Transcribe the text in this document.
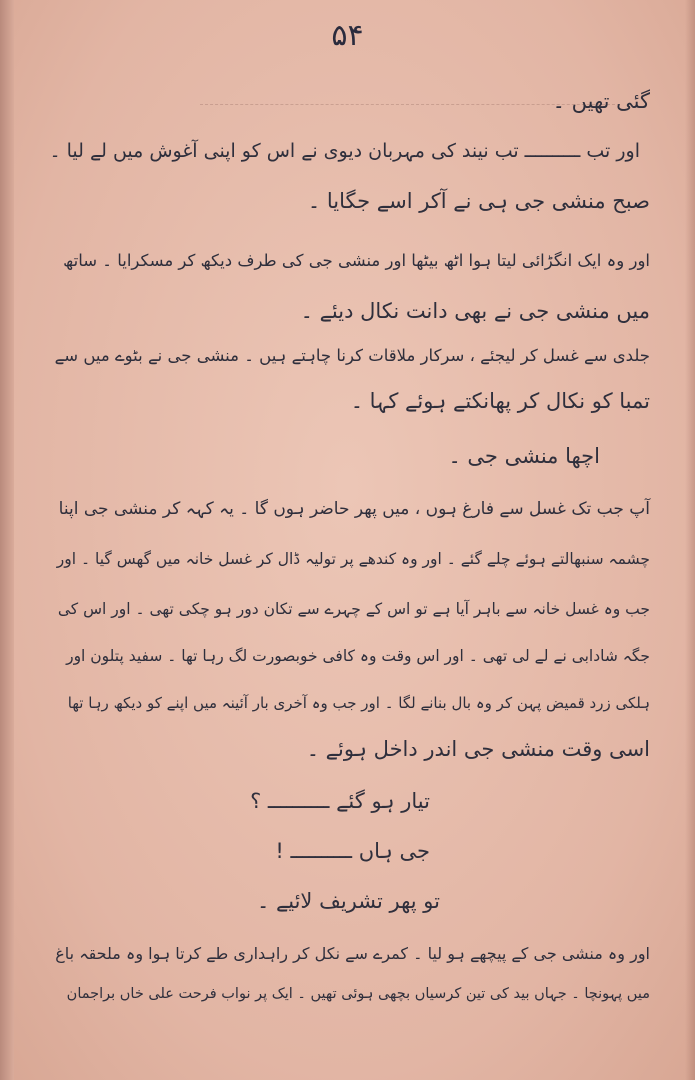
۵۴
گئی تھیں ۔
اور تب ــــــــــ تب نیند کی مہربان دیوی نے اس کو اپنی آغوش میں لے لیا ۔
صبح منشی جی ہی نے آکر اسے جگایا ۔
اور وہ ایک انگڑائی لیتا ہوا اٹھ بیٹھا اور منشی جی کی طرف دیکھ کر مسکرایا ۔ ساتھ
میں منشی جی نے بھی دانت نکال دیئے ۔
جلدی سے غسل کر لیجئے ، سرکار ملاقات کرنا چاہتے ہیں ۔ منشی جی نے بٹوے میں سے
تمبا کو نکال کر پھانکتے ہوئے کہا ۔
اچھا منشی جی ۔
آپ جب تک غسل سے فارغ ہوں ، میں پھر حاضر ہوں گا ۔ یہ کہہ کر منشی جی اپنا
چشمہ سنبھالتے ہوئے چلے گئے ۔ اور وہ کندھے پر تولیہ ڈال کر غسل خانہ میں گھس گیا ۔ اور
جب وہ غسل خانہ سے باہر آیا ہے تو اس کے چہرے سے تکان دور ہو چکی تھی ۔ اور اس کی
جگہ شادابی نے لے لی تھی ۔ اور اس وقت وہ کافی خوبصورت لگ رہا تھا ۔ سفید پتلون اور
ہلکی زرد قمیض پہن کر وہ بال بنانے لگا ۔ اور جب وہ آخری بار آئینہ میں اپنے کو دیکھ رہا تھا
اسی وقت منشی جی اندر داخل ہوئے ۔
تیار ہو گئے ــــــــــ ؟
جی ہاں ــــــــــ !
تو پھر تشریف لائیے ۔
اور وہ منشی جی کے پیچھے ہو لیا ۔ کمرے سے نکل کر راہداری طے کرتا ہوا وہ ملحقہ باغ
میں پہونچا ۔ جہاں بید کی تین کرسیاں بچھی ہوئی تھیں ۔ ایک پر نواب فرحت علی خاں براجمان
